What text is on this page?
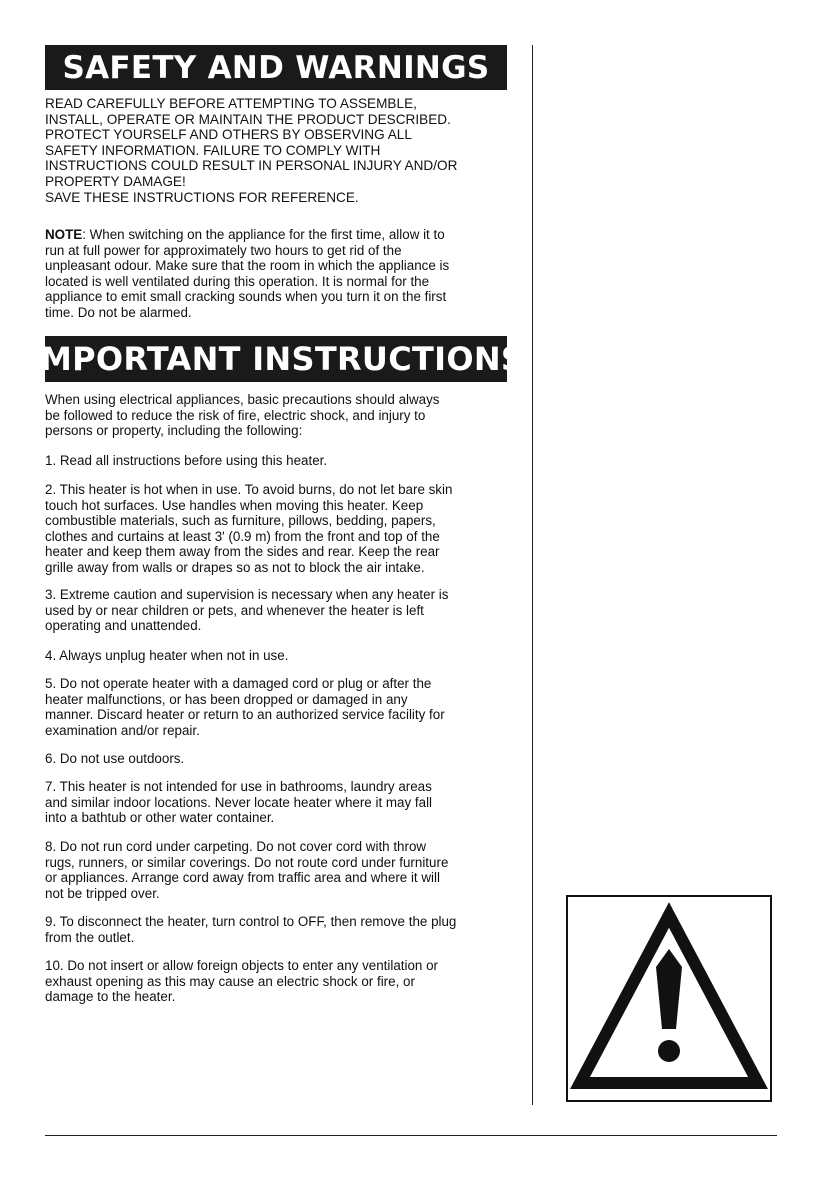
SAFETY AND WARNINGS
READ CAREFULLY BEFORE ATTEMPTING TO ASSEMBLE,
INSTALL, OPERATE OR MAINTAIN THE PRODUCT DESCRIBED.
PROTECT YOURSELF AND OTHERS BY OBSERVING ALL
SAFETY INFORMATION. FAILURE TO COMPLY WITH
INSTRUCTIONS COULD RESULT IN PERSONAL INJURY AND/OR
PROPERTY DAMAGE!
SAVE THESE INSTRUCTIONS FOR REFERENCE.
NOTE: When switching on the appliance for the first time, allow it to
run at full power for approximately two hours to get rid of the
unpleasant odour. Make sure that the room in which the appliance is
located is well ventilated during this operation. It is normal for the
appliance to emit small cracking sounds when you turn it on the first
time. Do not be alarmed.
IMPORTANT INSTRUCTIONS
When using electrical appliances, basic precautions should always
be followed to reduce the risk of fire, electric shock, and injury to
persons or property, including the following:
1. Read all instructions before using this heater.
2. This heater is hot when in use. To avoid burns, do not let bare skin
touch hot surfaces. Use handles when moving this heater. Keep
combustible materials, such as furniture, pillows, bedding, papers,
clothes and curtains at least 3' (0.9 m) from the front and top of the
heater and keep them away from the sides and rear. Keep the rear
grille away from walls or drapes so as not to block the air intake.
3. Extreme caution and supervision is necessary when any heater is
used by or near children or pets, and whenever the heater is left
operating and unattended.
4. Always unplug heater when not in use.
5. Do not operate heater with a damaged cord or plug or after the
heater malfunctions, or has been dropped or damaged in any
manner. Discard heater or return to an authorized service facility for
examination and/or repair.
6. Do not use outdoors.
7. This heater is not intended for use in bathrooms, laundry areas
and similar indoor locations. Never locate heater where it may fall
into a bathtub or other water container.
8. Do not run cord under carpeting. Do not cover cord with throw
rugs, runners, or similar coverings. Do not route cord under furniture
or appliances. Arrange cord away from traffic area and where it will
not be tripped over.
9. To disconnect the heater, turn control to OFF, then remove the plug
from the outlet.
10. Do not insert or allow foreign objects to enter any ventilation or
exhaust opening as this may cause an electric shock or fire, or
damage to the heater.
